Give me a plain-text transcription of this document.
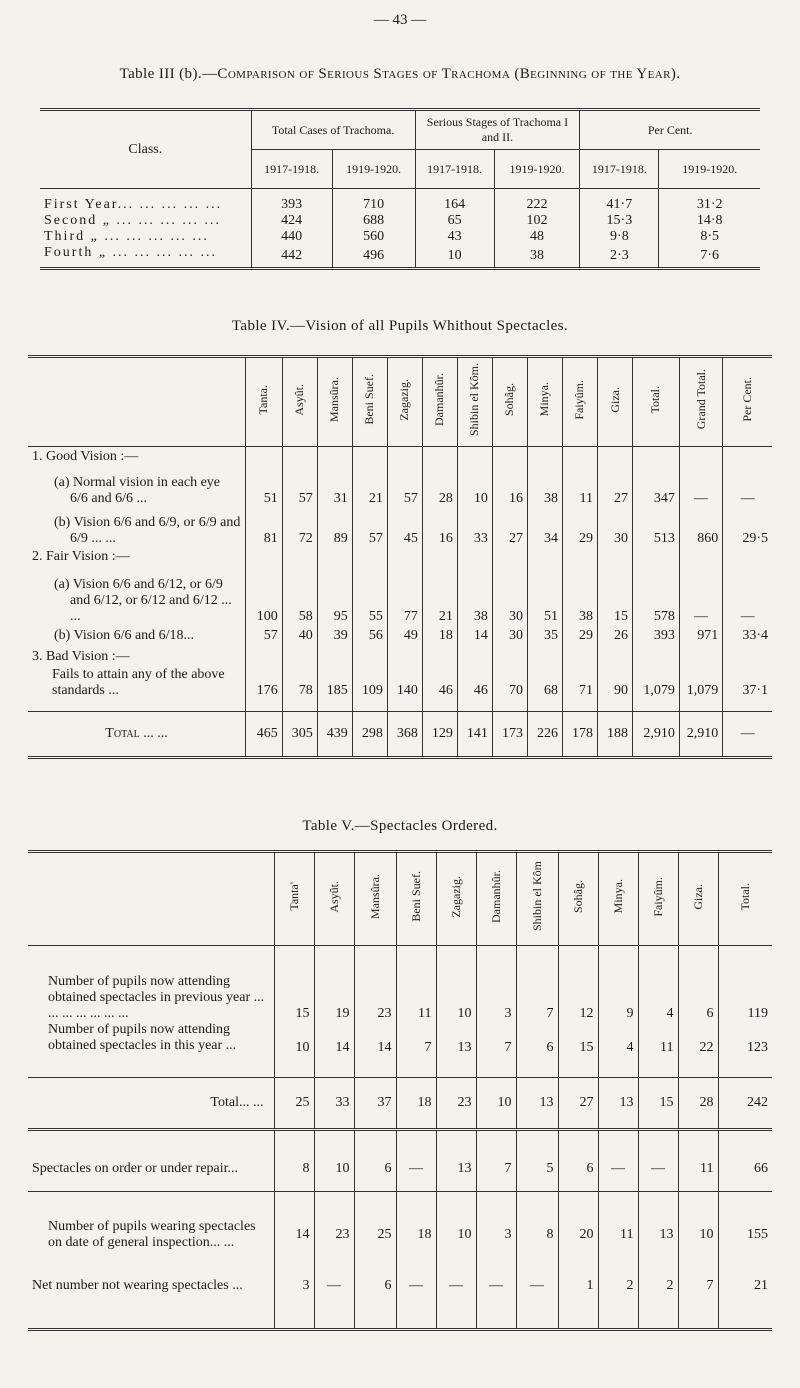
— 43 —
Table III (b).—Comparison of Serious Stages of Trachoma (Beginning of the Year).
Class.	Total Cases of Trachoma.		Serious Stages of Trachoma I and II.		Per Cent.	
	1917-1918.	1919-1920.	1917-1918.	1919-1920.	1917-1918.	1919-1920.

First Year... ... ... ... ...	393	710	164	222	41·7	31·2
Second „ ... ... ... ... ...	424	688	65	102	15·3	14·8
Third „ ... ... ... ... ...	440	560	43	48	9·8	8·5
Fourth „ ... ... ... ... ...	442	496	10	38	2·3	7·6
Table IV.—Vision of all Pupils Whithout Spectacles.
	Tanta.	Asyût.	Mansûra.	Beni Suef.	Zagazig.	Damanhûr.	Shibin el Kôm.	Sohâg.	Minya.	Faiyûm.	Giza.	Total.	Grand Total.	Per Cent.
1. Good Vision :—														
(a) Normal vision in each eye 6/6 and 6/6 ...	51	57	31	21	57	28	10	16	38	11	27	347	—	—
(b) Vision 6/6 and 6/9, or 6/9 and 6/9 ... ...	81	72	89	57	45	16	33	27	34	29	30	513	860	29·5
2. Fair Vision :—														
(a) Vision 6/6 and 6/12, or 6/9 and 6/12, or 6/12 and 6/12 ... ...	100	58	95	55	77	21	38	30	51	38	15	578	—	—
(b) Vision 6/6 and 6/18...	57	40	39	56	49	18	14	30	35	29	26	393	971	33·4
3. Bad Vision :—														
Fails to attain any of the above standards ...	176	78	185	109	140	46	46	70	68	71	90	1,079	1,079	37·1
Total ... ...	465	305	439	298	368	129	141	173	226	178	188	2,910	2,910	—
Table V.—Spectacles Ordered.
	Tanta'	Asyût.	Mansûra.	Beni Suef.	Zagazig.	Damanhûr.	Shibin el Kôm	Sohâg.	Minya.	Faiyûm.	Giza.	Total.
Number of pupils now attending obtained spectacles in previous year ... ... ... ... ... ... ...	15	19	23	11	10	3	7	12	9	4	6	119
Number of pupils now attending obtained spectacles in this year ...	10	14	14	7	13	7	6	15	4	11	22	123
Total... ...	25	33	37	18	23	10	13	27	13	15	28	242
Spectacles on order or under repair...	8	10	6	—	13	7	5	6	—	—	11	66
Number of pupils wearing spectacles on date of general inspection... ...	14	23	25	18	10	3	8	20	11	13	10	155
Net number not wearing spectacles ...	3	—	6	—	—	—	—	1	2	2	7	21
